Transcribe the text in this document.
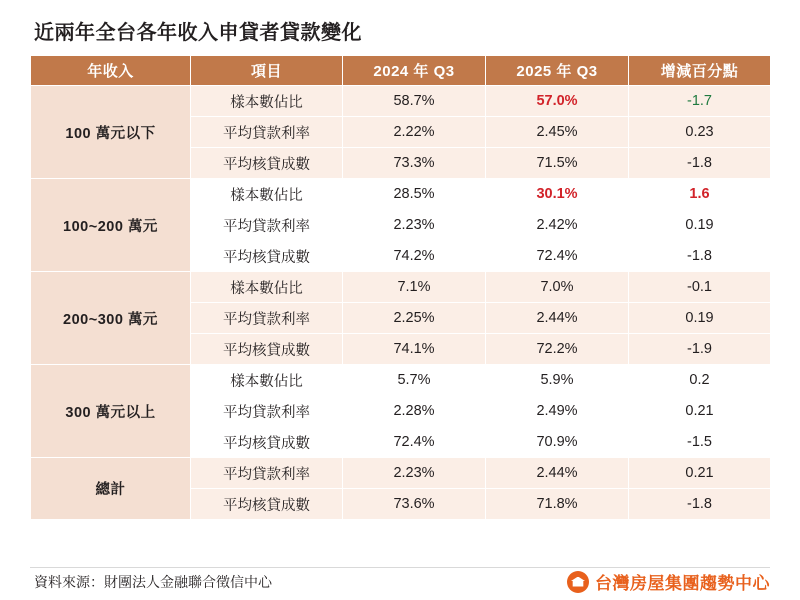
近兩年全台各年收入申貸者貸款變化
年收入	項目	2024 年 Q3	2025 年 Q3	增減百分點
100 萬元以下	樣本數佔比	58.7%	57.0%	-1.7
	平均貸款利率	2.22%	2.45%	0.23
	平均核貸成數	73.3%	71.5%	-1.8
100~200 萬元	樣本數佔比	28.5%	30.1%	1.6
	平均貸款利率	2.23%	2.42%	0.19
	平均核貸成數	74.2%	72.4%	-1.8
200~300 萬元	樣本數佔比	7.1%	7.0%	-0.1
	平均貸款利率	2.25%	2.44%	0.19
	平均核貸成數	74.1%	72.2%	-1.9
300 萬元以上	樣本數佔比	5.7%	5.9%	0.2
	平均貸款利率	2.28%	2.49%	0.21
	平均核貸成數	72.4%	70.9%	-1.5
總計	平均貸款利率	2.23%	2.44%	0.21
	平均核貸成數	73.6%	71.8%	-1.8
資料來源：財團法人金融聯合徵信中心	台灣房屋集團趨勢中心
